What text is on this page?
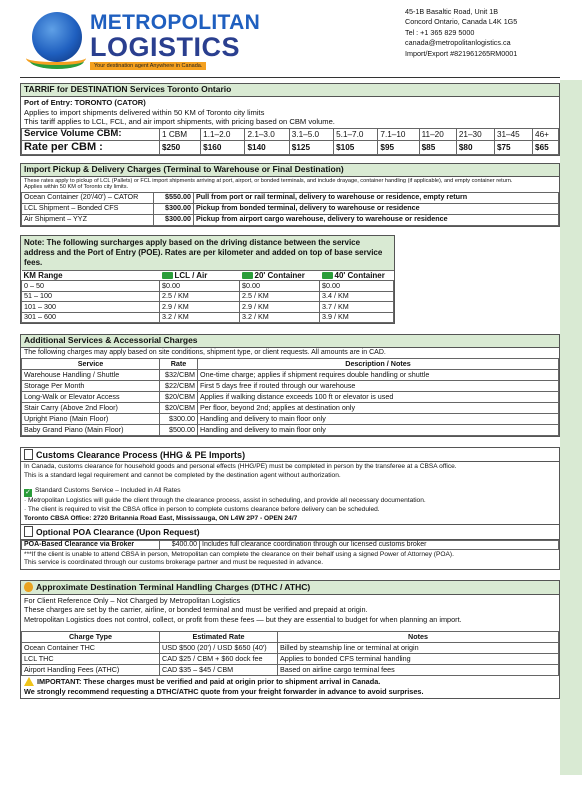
METROPOLITAN
LOGISTICS
Your destination agent Anywhere in Canada.
45-1B Basaltic Road, Unit 1B
Concord Ontario, Canada L4K 1G5
Tel : +1 365 829 5000
canada@metropolitanlogistics.ca
Import/Export #821961265RM0001
TARRIF for DESTINATION Services Toronto Ontario
Port of Entry: TORONTO (CATOR)
Applies to import shipments delivered within 50 KM of Toronto city limits
This tariff applies to LCL, FCL, and air import shipments, with pricing based on CBM volume.
Service Volume CBM:	1 CBM	1.1–2.0	2.1–3.0	3.1–5.0	5.1–7.0	7.1–10	11–20	21–30	31–45	46+
Rate per CBM :	$250	$160	$140	$125	$105	$95	$85	$80	$75	$65
Import Pickup & Delivery Charges (Terminal to Warehouse or Final Destination)
These rates apply to pickup of LCL (Pallets) or FCL import shipments arriving at port, airport, or bonded terminals, and include drayage, container handling (if applicable), and empty container return.
Applies within 50 KM of Toronto city limits.
Ocean Container (20'/40') – CATOR	$550.00	Pull from port or rail terminal, delivery to warehouse or residence, empty return
LCL Shipment – Bonded CFS	$300.00	Pickup from bonded terminal, delivery to warehouse or residence
Air Shipment – YYZ	$300.00	Pickup from airport cargo warehouse, delivery to warehouse or residence
Note: The following surcharges apply based on the driving distance between the service address and the Port of Entry (POE). Rates are per kilometer and added on top of base service fees.
KM Range	LCL / Air	20' Container	40' Container
0 – 50	$0.00	$0.00	$0.00
51 – 100	2.5 / KM	2.5 / KM	3.4 / KM
101 – 300	2.9 / KM	2.9 / KM	3.7 / KM
301 – 600	3.2 / KM	3.2 / KM	3.9 / KM
Additional Services & Accessorial Charges
The following charges may apply based on site conditions, shipment type, or client requests. All amounts are in CAD.
Service	Rate	Description / Notes
Warehouse Handling / Shuttle	$32/CBM	One-time charge; applies if shipment requires double handling or shuttle
Storage Per Month	$22/CBM	First 5 days free if routed through our warehouse
Long-Walk or Elevator Access	$20/CBM	Applies if walking distance exceeds 100 ft or elevator is used
Stair Carry (Above 2nd Floor)	$20/CBM	Per floor, beyond 2nd; applies at destination only
Upright Piano (Main Floor)	$300.00	Handling and delivery to main floor only
Baby Grand Piano (Main Floor)	$500.00	Handling and delivery to main floor only
Customs Clearance Process (HHG & PE Imports)
In Canada, customs clearance for household goods and personal effects (HHG/PE) must be completed in person by the transferee at a CBSA office.
This is a standard legal requirement and cannot be completed by the destination agent without authorization.
✓ Standard Customs Service – Included in All Rates
· Metropolitan Logistics will guide the client through the clearance process, assist in scheduling, and provide all necessary documentation.
· The client is required to visit the CBSA office in person to complete customs clearance before delivery can be scheduled.
Toronto CBSA Office: 2720 Britannia Road East, Mississauga, ON L4W 2P7 - OPEN 24/7
Optional POA Clearance (Upon Request)
POA-Based Clearance via Broker	$400.00	Includes full clearance coordination through our licensed customs broker
***If the client is unable to attend CBSA in person, Metropolitan can complete the clearance on their behalf using a signed Power of Attorney (POA).
This service is coordinated through our customs brokerage partner and must be requested in advance.
Approximate Destination Terminal Handling Charges (DTHC / ATHC)
For Client Reference Only – Not Charged by Metropolitan Logistics
These charges are set by the carrier, airline, or bonded terminal and must be verified and prepaid at origin.
Metropolitan Logistics does not control, collect, or profit from these fees — but they are essential to budget for when planning an import.
Charge Type	Estimated Rate	Notes
Ocean Container THC	USD $500 (20') / USD $650 (40')	Billed by steamship line or terminal at origin
LCL THC	CAD $25 / CBM + $60 dock fee	Applies to bonded CFS terminal handling
Airport Handling Fees (ATHC)	CAD $35 – $45 / CBM	Based on airline cargo terminal fees
IMPORTANT: These charges must be verified and paid at origin prior to shipment arrival in Canada.
We strongly recommend requesting a DTHC/ATHC quote from your freight forwarder in advance to avoid surprises.
